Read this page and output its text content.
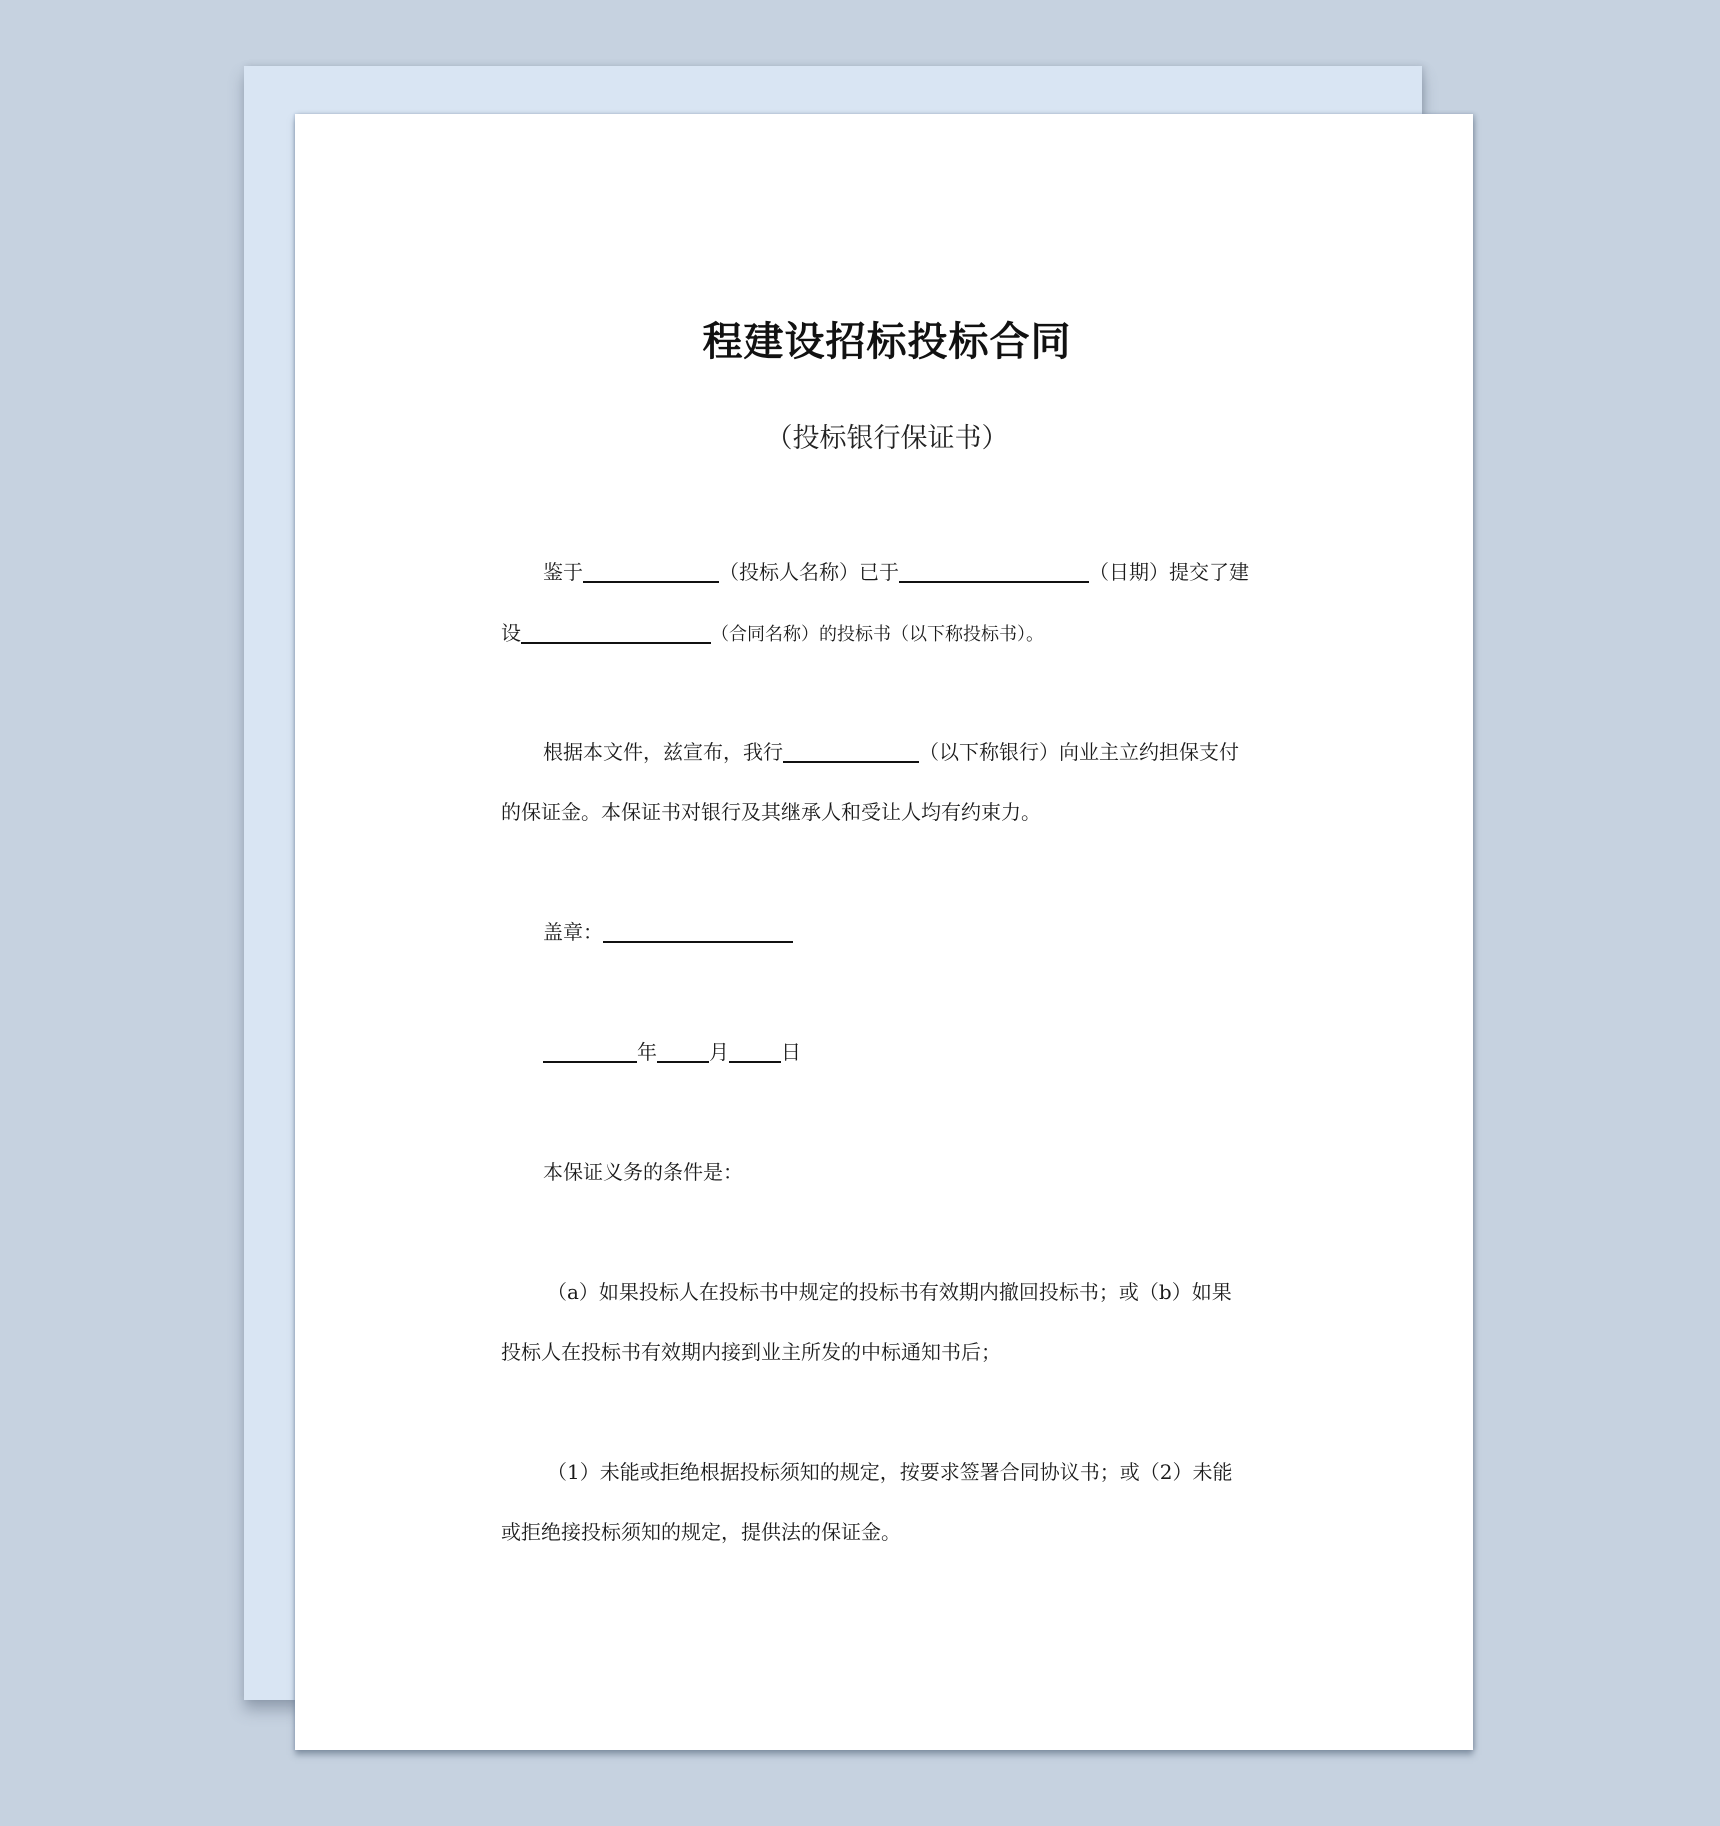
程建设招标投标合同
（投标银行保证书）
鉴于	（投标人名称）已于	（日期）提交了建
设	（合同名称）的投标书（以下称投标书）。
根据本文件，兹宣布，我行	（以下称银行）向业主立约担保支付
的保证金。本保证书对银行及其继承人和受让人均有约束力。
盖章：
年	月	日
本保证义务的条件是：
（a）如果投标人在投标书中规定的投标书有效期内撤回投标书；或（b）如果
投标人在投标书有效期内接到业主所发的中标通知书后；
（1）未能或拒绝根据投标须知的规定，按要求签署合同协议书；或（2）未能
或拒绝接投标须知的规定，提供法的保证金。
